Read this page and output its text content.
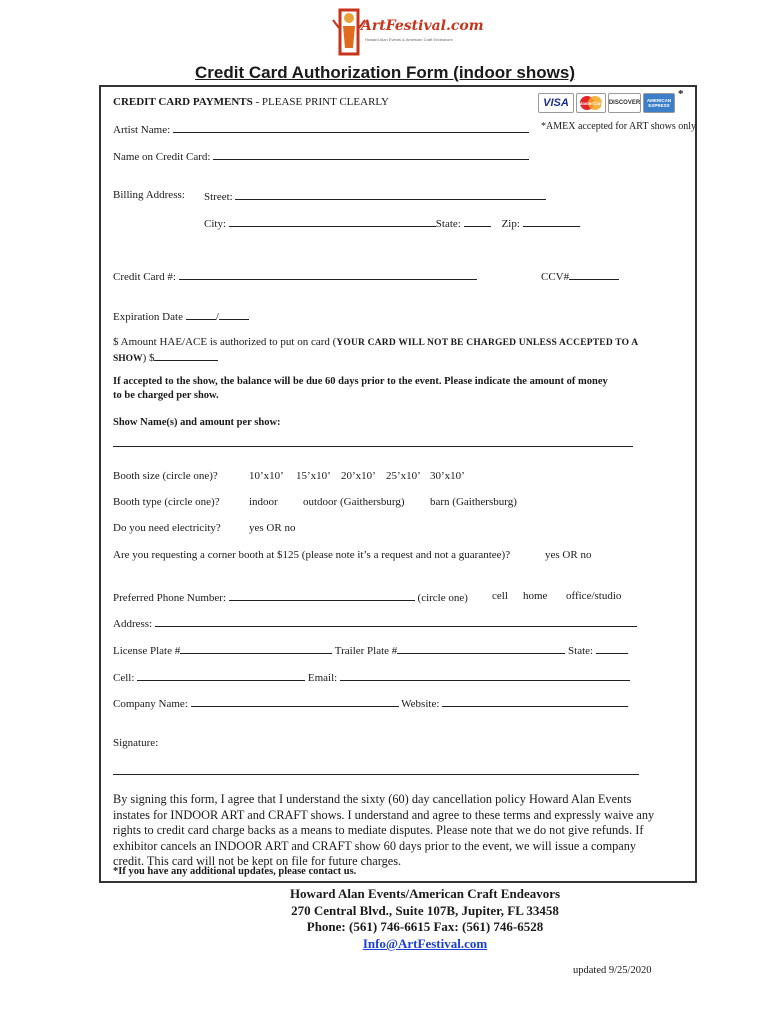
ArtFestival.com
Howard Alan Events & American Craft Endeavors
Credit Card Authorization Form (indoor shows)
CREDIT CARD PAYMENTS - PLEASE PRINT CLEARLY	VISA MasterCard DISCOVER	AMERICAN EXPRESS
*
Artist Name:	*AMEX accepted for ART shows only
Name on Credit Card:
Billing Address: Street:
City:	State:	Zip:
Credit Card #:	CCV#
Expiration Date	/
$ Amount HAE/ACE is authorized to put on card (YOUR CARD WILL NOT BE CHARGED UNLESS ACCEPTED TO A
SHOW) $
If accepted to the show, the balance will be due 60 days prior to the event. Please indicate the amount of money
to be charged per show.
Show Name(s) and amount per show:
Booth size (circle one)?	10’x10’ 15’x10’ 20’x10’ 25’x10’ 30’x10’
Booth type (circle one)?	indoor outdoor (Gaithersburg) barn (Gaithersburg)
Do you need electricity?	yes OR no
Are you requesting a corner booth at $125 (please note it’s a request and not a guarantee)?	yes OR no
Preferred Phone Number:	(circle one) cell home office/studio
Address:
License Plate #	Trailer Plate #	State:
Cell:	Email:
Company Name:	Website:
Signature:
By signing this form, I agree that I understand the sixty (60) day cancellation policy Howard Alan Events instates for INDOOR ART and CRAFT shows. I understand and agree to these terms and expressly waive any rights to credit card charge backs as a means to mediate disputes. Please note that we do not give refunds. If exhibitor cancels an INDOOR ART and CRAFT show 60 days prior to the event, we will issue a company credit. This card will not be kept on file for future charges.
*If you have any additional updates, please contact us.
Howard Alan Events/American Craft Endeavors
270 Central Blvd., Suite 107B, Jupiter, FL 33458
Phone: (561) 746-6615 Fax: (561) 746-6528
Info@ArtFestival.com
updated 9/25/2020
